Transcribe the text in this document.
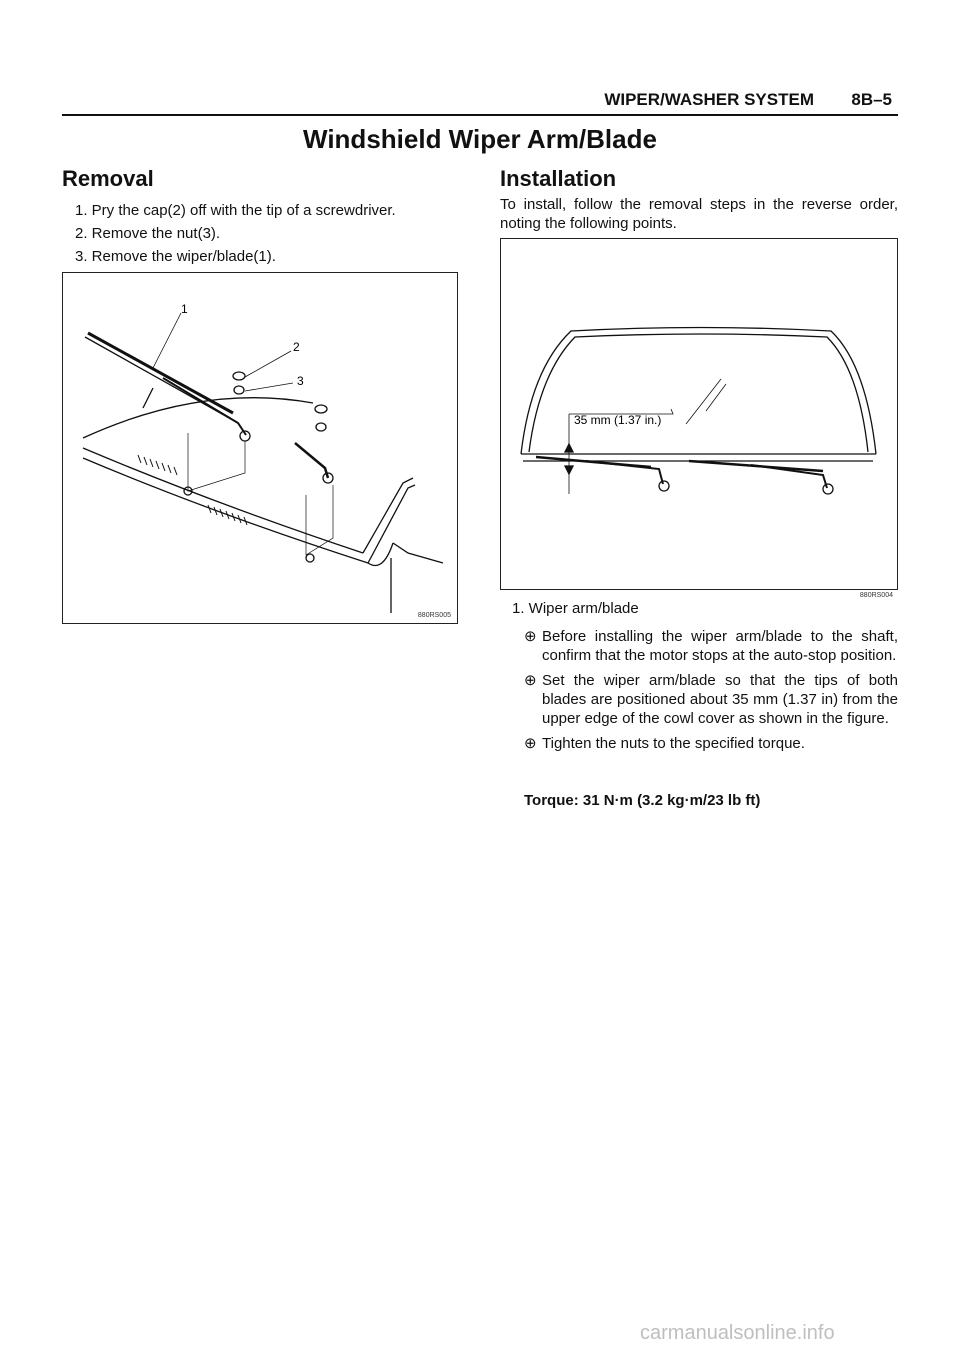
WIPER/WASHER SYSTEM 8B–5
Windshield Wiper Arm/Blade
Removal
1. Pry the cap(2) off with the tip of a screwdriver.
2. Remove the nut(3).
3. Remove the wiper/blade(1).
1
2
3
880RS005
Installation

To install, follow the removal steps in the reverse order, noting the following points.

35 mm (1.37 in.)
880RS004
1. Wiper arm/blade
⊕ Before installing the wiper arm/blade to the shaft, confirm that the motor stops at the auto-stop position.
⊕ Set the wiper arm/blade so that the tips of both blades are positioned about 35 mm (1.37 in) from the upper edge of the cowl cover as shown in the figure.
⊕ Tighten the nuts to the specified torque.
Torque: 31 N·m (3.2 kg·m/23 lb ft)
carmanualsonline.info
